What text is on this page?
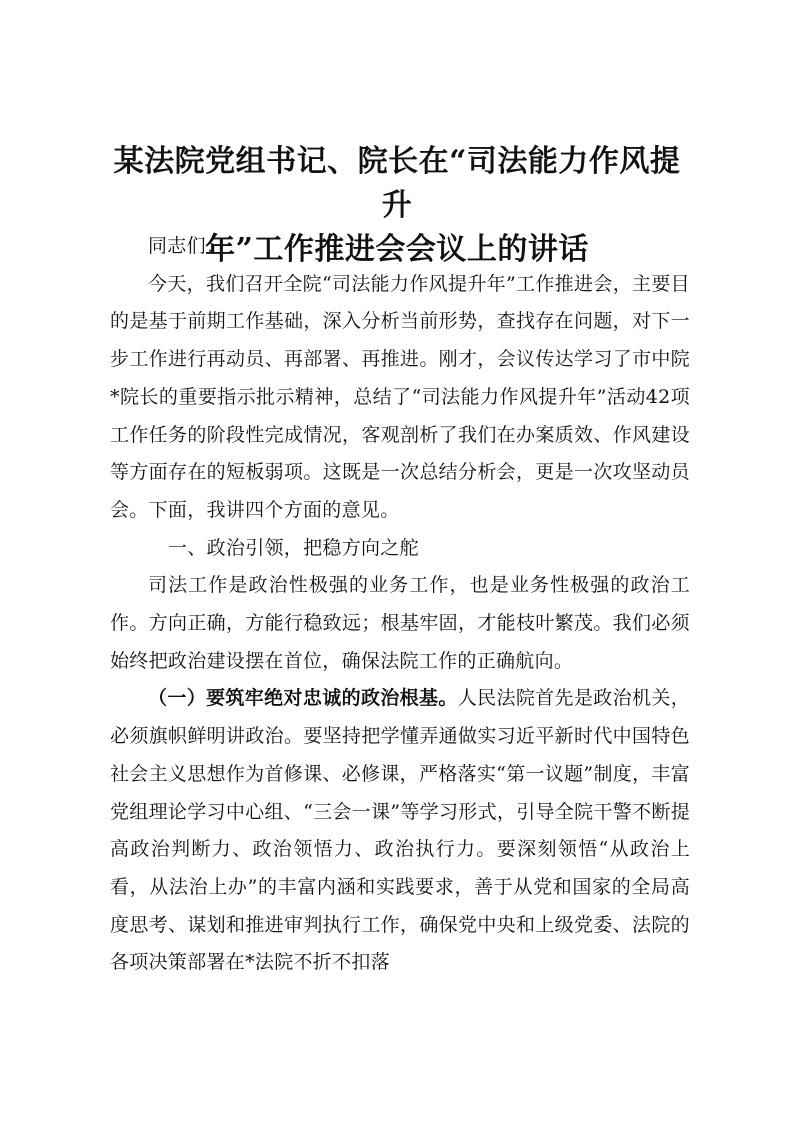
某法院党组书记、院长在“司法能力作风提升
年”工作推进会会议上的讲话

同志们：

今天，我们召开全院“司法能力作风提升年”工作推进会，主要目的是基于前期工作基础，深入分析当前形势，查找存在问题，对下一步工作进行再动员、再部署、再推进。刚才，会议传达学习了市中院*院长的重要指示批示精神，总结了“司法能力作风提升年”活动42项工作任务的阶段性完成情况，客观剖析了我们在办案质效、作风建设等方面存在的短板弱项。这既是一次总结分析会，更是一次攻坚动员会。下面，我讲四个方面的意见。

一、政治引领，把稳方向之舵

司法工作是政治性极强的业务工作，也是业务性极强的政治工作。方向正确，方能行稳致远；根基牢固，才能枝叶繁茂。我们必须始终把政治建设摆在首位，确保法院工作的正确航向。

（一）要筑牢绝对忠诚的政治根基。人民法院首先是政治机关，必须旗帜鲜明讲政治。要坚持把学懂弄通做实习近平新时代中国特色社会主义思想作为首修课、必修课，严格落实“第一议题”制度，丰富党组理论学习中心组、“三会一课”等学习形式，引导全院干警不断提高政治判断力、政治领悟力、政治执行力。要深刻领悟“从政治上看，从法治上办”的丰富内涵和实践要求，善于从党和国家的全局高度思考、谋划和推进审判执行工作，确保党中央和上级党委、法院的各项决策部署在*法院不折不扣落
